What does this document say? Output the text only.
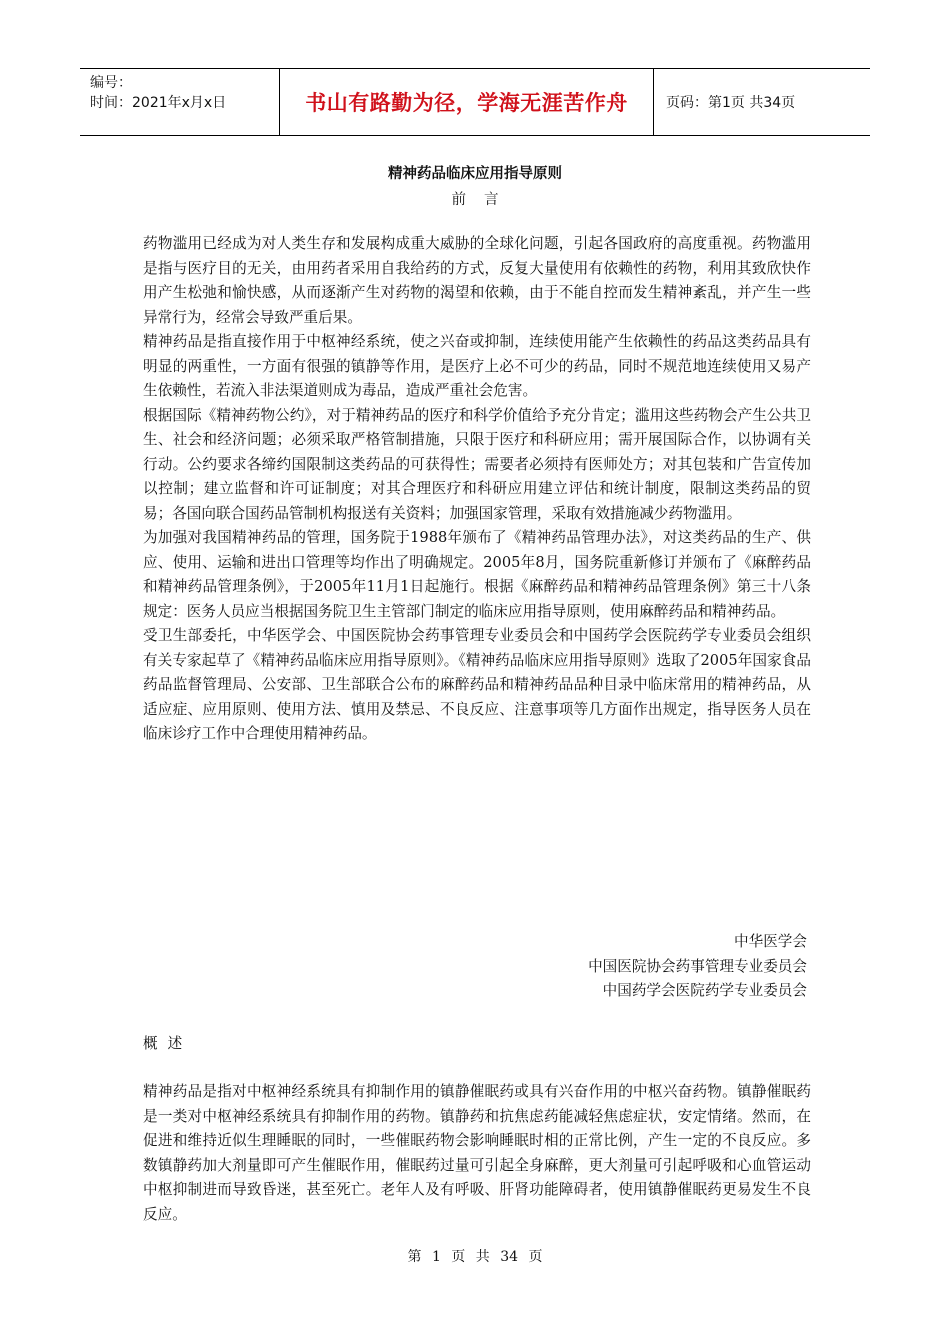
编号：
时间：2021年x月x日	书山有路勤为径，学海无涯苦作舟	页码：第1页 共34页
精神药品临床应用指导原则
前言

药物滥用已经成为对人类生存和发展构成重大威胁的全球化问题，引起各国政府的高度重视。药物滥用是指与医疗目的无关，由用药者采用自我给药的方式，反复大量使用有依赖性的药物，利用其致欣快作用产生松弛和愉快感，从而逐渐产生对药物的渴望和依赖，由于不能自控而发生精神紊乱，并产生一些异常行为，经常会导致严重后果。

精神药品是指直接作用于中枢神经系统，使之兴奋或抑制，连续使用能产生依赖性的药品这类药品具有明显的两重性，一方面有很强的镇静等作用，是医疗上必不可少的药品，同时不规范地连续使用又易产生依赖性，若流入非法渠道则成为毒品，造成严重社会危害。

根据国际《精神药物公约》，对于精神药品的医疗和科学价值给予充分肯定；滥用这些药物会产生公共卫生、社会和经济问题；必须采取严格管制措施，只限于医疗和科研应用；需开展国际合作，以协调有关行动。公约要求各缔约国限制这类药品的可获得性；需要者必须持有医师处方；对其包装和广告宣传加以控制；建立监督和许可证制度；对其合理医疗和科研应用建立评估和统计制度，限制这类药品的贸易；各国向联合国药品管制机构报送有关资料；加强国家管理，采取有效措施减少药物滥用。

为加强对我国精神药品的管理，国务院于1988年颁布了《精神药品管理办法》，对这类药品的生产、供应、使用、运输和进出口管理等均作出了明确规定。2005年8月，国务院重新修订并颁布了《麻醉药品和精神药品管理条例》，于2005年11月1日起施行。根据《麻醉药品和精神药品管理条例》第三十八条规定：医务人员应当根据国务院卫生主管部门制定的临床应用指导原则，使用麻醉药品和精神药品。

受卫生部委托，中华医学会、中国医院协会药事管理专业委员会和中国药学会医院药学专业委员会组织有关专家起草了《精神药品临床应用指导原则》。《精神药品临床应用指导原则》选取了2005年国家食品药品监督管理局、公安部、卫生部联合公布的麻醉药品和精神药品品种目录中临床常用的精神药品，从适应症、应用原则、使用方法、慎用及禁忌、不良反应、注意事项等几方面作出规定，指导医务人员在临床诊疗工作中合理使用精神药品。

中华医学会
中国医院协会药事管理专业委员会
中国药学会医院药学专业委员会
概述

精神药品是指对中枢神经系统具有抑制作用的镇静催眠药或具有兴奋作用的中枢兴奋药物。镇静催眠药是一类对中枢神经系统具有抑制作用的药物。镇静药和抗焦虑药能减轻焦虑症状，安定情绪。然而，在促进和维持近似生理睡眠的同时，一些催眠药物会影响睡眠时相的正常比例，产生一定的不良反应。多数镇静药加大剂量即可产生催眠作用，催眠药过量可引起全身麻醉，更大剂量可引起呼吸和心血管运动中枢抑制进而导致昏迷，甚至死亡。老年人及有呼吸、肝肾功能障碍者，使用镇静催眠药更易发生不良反应。

第 1 页 共 34 页
